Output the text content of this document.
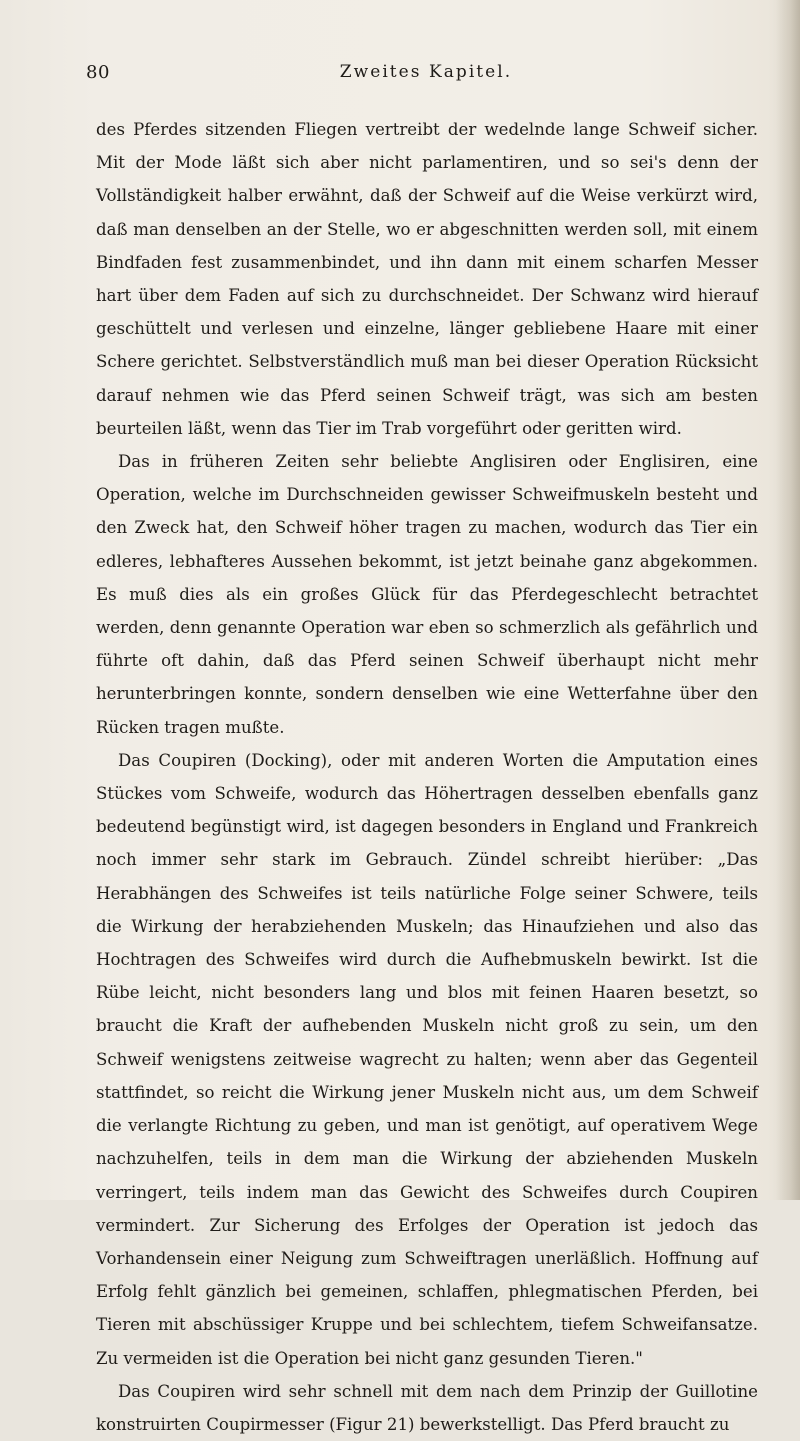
80	Zweites Kapitel.

des Pferdes sitzenden Fliegen vertreibt der wedelnde lange Schweif sicher. Mit der Mode läßt sich aber nicht parlamentiren, und so sei's denn der Vollständigkeit halber erwähnt, daß der Schweif auf die Weise verkürzt wird, daß man denselben an der Stelle, wo er abgeschnitten werden soll, mit einem Bindfaden fest zusammenbindet, und ihn dann mit einem scharfen Messer hart über dem Faden auf sich zu durchschneidet. Der Schwanz wird hierauf geschüttelt und verlesen und einzelne, länger gebliebene Haare mit einer Schere gerichtet. Selbstverständlich muß man bei dieser Operation Rücksicht darauf nehmen wie das Pferd seinen Schweif trägt, was sich am besten beurteilen läßt, wenn das Tier im Trab vorgeführt oder geritten wird.

Das in früheren Zeiten sehr beliebte Anglisiren oder Englisiren, eine Operation, welche im Durchschneiden gewisser Schweifmuskeln besteht und den Zweck hat, den Schweif höher tragen zu machen, wodurch das Tier ein edleres, lebhafteres Aussehen bekommt, ist jetzt beinahe ganz abgekommen. Es muß dies als ein großes Glück für das Pferdegeschlecht betrachtet werden, denn genannte Operation war eben so schmerzlich als gefährlich und führte oft dahin, daß das Pferd seinen Schweif überhaupt nicht mehr herunterbringen konnte, sondern denselben wie eine Wetterfahne über den Rücken tragen mußte.

Das Coupiren (Docking), oder mit anderen Worten die Amputation eines Stückes vom Schweife, wodurch das Höhertragen desselben ebenfalls ganz bedeutend begünstigt wird, ist dagegen besonders in England und Frankreich noch immer sehr stark im Gebrauch. Zündel schreibt hierüber: „Das Herabhängen des Schweifes ist teils natürliche Folge seiner Schwere, teils die Wirkung der herabziehenden Muskeln; das Hinaufziehen und also das Hochtragen des Schweifes wird durch die Aufhebmuskeln bewirkt. Ist die Rübe leicht, nicht besonders lang und blos mit feinen Haaren besetzt, so braucht die Kraft der aufhebenden Muskeln nicht groß zu sein, um den Schweif wenigstens zeitweise wagrecht zu halten; wenn aber das Gegenteil stattfindet, so reicht die Wirkung jener Muskeln nicht aus, um dem Schweif die verlangte Richtung zu geben, und man ist genötigt, auf operativem Wege nachzuhelfen, teils in dem man die Wirkung der abziehenden Muskeln verringert, teils indem man das Gewicht des Schweifes durch Coupiren vermindert. Zur Sicherung des Erfolges der Operation ist jedoch das Vorhandensein einer Neigung zum Schweiftragen unerläßlich. Hoffnung auf Erfolg fehlt gänzlich bei gemeinen, schlaffen, phlegmatischen Pferden, bei Tieren mit abschüssiger Kruppe und bei schlechtem, tiefem Schweifansatze. Zu vermeiden ist die Operation bei nicht ganz gesunden Tieren."

Das Coupiren wird sehr schnell mit dem nach dem Prinzip der Guillotine konstruirten Coupirmesser (Figur 21) bewerkstelligt. Das Pferd braucht zu
